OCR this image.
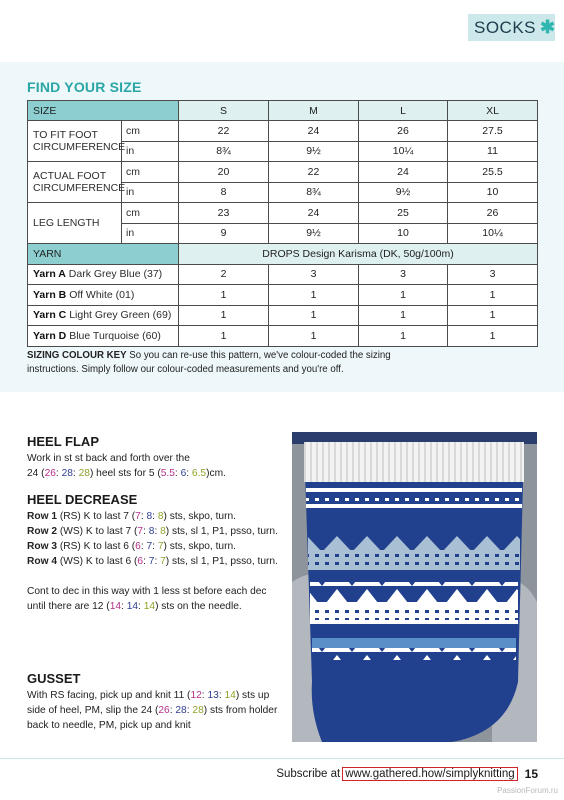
SOCKS ✱
FIND YOUR SIZE
SIZE		S	M	L	XL
TO FIT FOOT CIRCUMFERENCE	cm	22	24	26	27.5
	in	8¾	9½	10¼	11
ACTUAL FOOT CIRCUMFERENCE	cm	20	22	24	25.5
	in	8	8¾	9½	10
LEG LENGTH	cm	23	24	25	26
	in	9	9½	10	10¼
YARN		DROPS Design Karisma (DK, 50g/100m)			
Yarn A Dark Grey Blue (37)		2	3	3	3
Yarn B Off White (01)		1	1	1	1
Yarn C Light Grey Green (69)		1	1	1	1
Yarn D Blue Turquoise (60)		1	1	1	1
SIZING COLOUR KEY So you can re-use this pattern, we've colour-coded the sizing instructions. Simply follow our colour-coded measurements and you're off.
HEEL FLAP

Work in st st back and forth over the
24 (26: 28: 28) heel sts for 5 (5.5: 6: 6.5)cm.

HEEL DECREASE

Row 1 (RS) K to last 7 (7: 8: 8) sts, skpo, turn.
Row 2 (WS) K to last 7 (7: 8: 8) sts, sl 1, P1, psso, turn.
Row 3 (RS) K to last 6 (6: 7: 7) sts, skpo, turn.
Row 4 (WS) K to last 6 (6: 7: 7) sts, sl 1, P1, psso, turn.

Cont to dec in this way with 1 less st before each dec until there are 12 (14: 14: 14) sts on the needle.

GUSSET

With RS facing, pick up and knit 11 (12: 13: 14) sts up side of heel, PM, slip the 24 (26: 28: 28) sts from holder back to needle, PM, pick up and knit

Subscribe at www.gathered.how/simplyknitting 15
PassionForum.ru
